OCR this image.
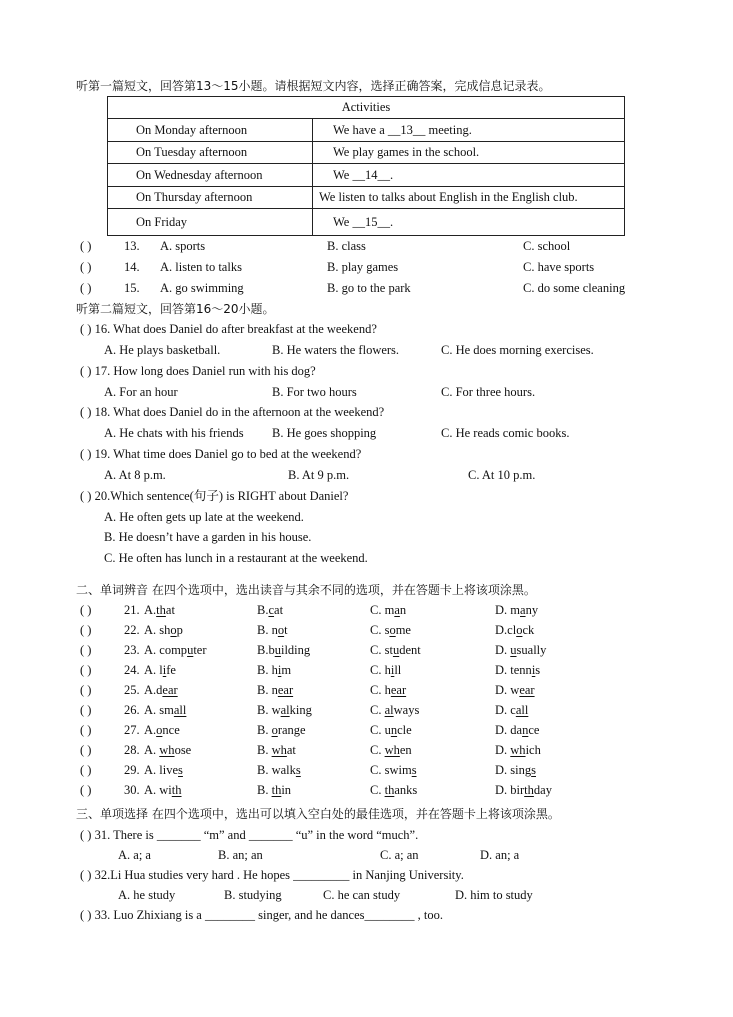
听第一篇短文，回答第13～15小题。请根据短文内容，选择正确答案，完成信息记录表。
Activities	
On Monday afternoon	We have a __13__ meeting.
On Tuesday afternoon	We play games in the school.
On Wednesday afternoon	We __14__.
On Thursday afternoon	We listen to talks about English in the English club.
On Friday	We __15__.
( )	13. A. sports	B. class	C. school
( )	14. A. listen to talks	B. play games	C. have sports
( )	15. A. go swimming	B. go to the park	C. do some cleaning
听第二篇短文，回答第16～20小题。
( ) 16. What does Daniel do after breakfast at the weekend?
A. He plays basketball.	B. He waters the flowers.	C. He does morning exercises.
( ) 17. How long does Daniel run with his dog?
A. For an hour	B. For two hours	C. For three hours.
( ) 18. What does Daniel do in the afternoon at the weekend?
A. He chats with his friends B. He goes shopping	C. He reads comic books.
( ) 19. What time does Daniel go to bed at the weekend?
A. At 8 p.m.	B. At 9 p.m.	C. At 10 p.m.
( ) 20.Which sentence(句子) is RIGHT about Daniel?
A. He often gets up late at the weekend.
B. He doesn’t have a garden in his house.
C. He often has lunch in a restaurant at the weekend.
二、单词辨音 在四个选项中，选出读音与其余不同的选项，并在答题卡上将该项涂黑。
( )	21. A.that	B.cat	C. man	D. many
( )	22. A. shop	B. not	C. some	D.clock
( )	23. A. computer	B.building	C. student	D. usually
( )	24. A. life	B. him	C. hill	D. tennis
( )	25. A.dear	B. near	C. hear	D. wear
( )	26. A. small	B. walking	C. always	D. call
( )	27. A.once	B. orange	C. uncle	D. dance
( )	28. A. whose	B. what	C. when	D. which
( )	29. A. lives	B. walks	C. swims	D. sings
( )	30. A. with	B. thin	C. thanks	D. birthday
三、单项选择 在四个选项中，选出可以填入空白处的最佳选项，并在答题卡上将该项涂黑。
( ) 31. There is _______ “m” and _______ “u” in the word “much”.
A. a; a	B. an; an	C. a; an	D. an; a
( ) 32.Li Hua studies very hard . He hopes _________ in Nanjing University.
A. he study	B. studying	C. he can study	D. him to study
( ) 33. Luo Zhixiang is a ________ singer, and he dances________ , too.
